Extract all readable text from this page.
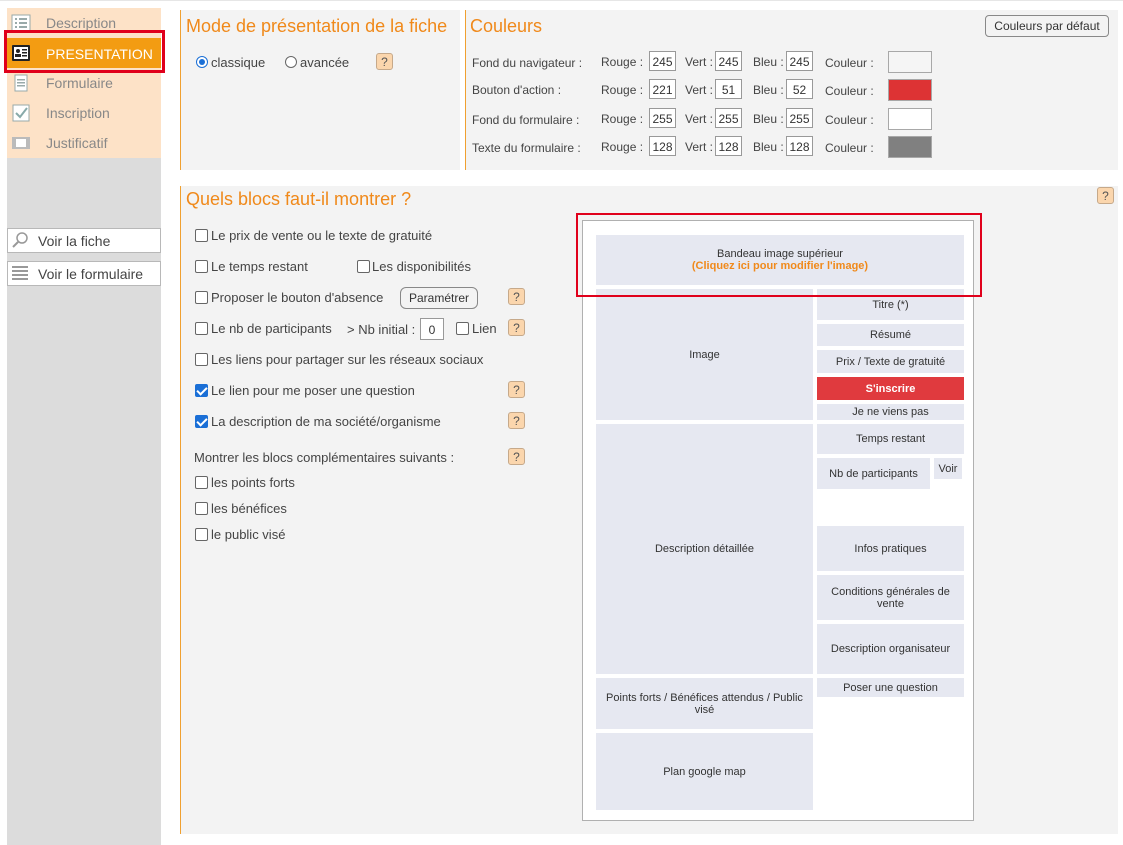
Description
PRESENTATION
Formulaire
Inscription
Justificatif
Voir la fiche
Voir le formulaire
Mode de présentation de la fiche
classique	avancée	?
Couleurs	Couleurs par défaut
Fond du navigateur : Rouge : 245 Vert : 245 Bleu : 245 Couleur :
Bouton d'action :	Rouge : 221 Vert : 51	Bleu : 52	Couleur :
Fond du formulaire : Rouge : 255 Vert : 255 Bleu : 255 Couleur :
Texte du formulaire : Rouge : 128 Vert : 128 Bleu : 128 Couleur :
Quels blocs faut-il montrer ?	?
Le prix de vente ou le texte de gratuité
Le temps restant	Les disponibilités
Proposer le bouton d'absence	Paramétrer	?
Le nb de participants > Nb initial :	0	Lien	?
Les liens pour partager sur les réseaux sociaux
Le lien pour me poser une question	?
La description de ma société/organisme	?
Montrer les blocs complémentaires suivants :	?
les points forts
les bénéfices
le public visé
Bandeau image supérieur
(Cliquez ici pour modifier l'image)
Image
Titre (*)
Résumé
Prix / Texte de gratuité
S'inscrire
Je ne viens pas
Description détaillée
Temps restant
Nb de participants	Voir
Infos pratiques
Conditions générales de vente
Description organisateur
Points forts / Bénéfices attendus / Public visé
Poser une question
Plan google map
